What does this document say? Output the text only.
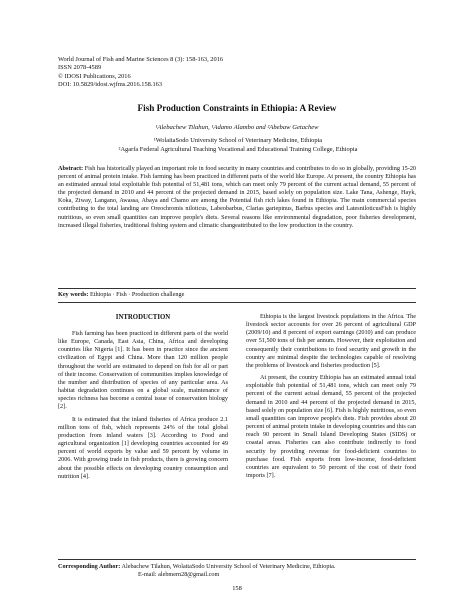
World Journal of Fish and Marine Sciences 8 (3): 158-163, 2016
ISSN 2078-4589
© IDOSI Publications, 2016
DOI: 10.5829/idosi.wjfms.2016.158.163
Fish Production Constraints in Ethiopia: A Review
¹Alebachew Tilahun, ¹Adamo Alambo and ²Abebaw Getachew
¹WolaitaSodo University School of Veterinary Medicine, Ethiopia
²Agarfa Federal Agricultural Teaching Vocational and Educational Training College, Ethiopia

Abstract: Fish has historically played an important role in food security in many countries and contributes to do so in globally, providing 15-20 percent of animal protein intake. Fish farming has been practiced in different parts of the world like Europe. At present, the country Ethiopia has an estimated annual total exploitable fish potential of 51,481 tons, which can meet only 79 percent of the current actual demand, 55 percent of the projected demand in 2010 and 44 percent of the projected demand in 2015, based solely on population size. Lake Tana, Ashenge, Hayk, Koka, Ziway, Langano, Awassa, Abaya and Chamo are among the Potential fish rich lakes found in Ethiopia. The main commercial species contributing to the total landing are Oreochromis niloticus, Labeobarbus, Clarias gariepinus, Barbus species and LatesniloticusFish is highly nutritious, so even small quantities can improve people's diets. Several reasons like environmental degradation, poor fisheries development, increased illegal fisheries, traditional fishing system and climatic changeattributed to the low production in the country.

Key words: Ethiopia · Fish · Production challenge
INTRODUCTION

Fish farming has been practiced in different parts of the world like Europe, Canada, East Asia, China, Africa and developing countries like Nigeria [1]. It has been in practice since the ancient civilization of Egypt and China. More than 120 million people throughout the world are estimated to depend on fish for all or part of their income. Conservation of communities implies knowledge of the number and distribution of species of any particular area. As habitat degradation continues on a global scale, maintenance of species richness has become a central issue of conservation biology [2].

It is estimated that the inland fisheries of Africa produce 2.1 million tons of fish, which represents 24% of the total global production from inland waters [3]. According to Food and agricultural organization [1] developing countries accounted for 49 percent of world exports by value and 59 percent by volume in 2006. With growing trade in fish products, there is growing concern about the possible effects on developing country consumption and nutrition [4].

Ethiopia is the largest livestock populations in the Africa. The livestock sector accounts for over 26 percent of agricultural GDP (2009/10) and 8 percent of export earnings (2010) and can produce over 51,500 tons of fish per annum. However, their exploitation and consequently their contributions to food security and growth in the country are minimal despite the technologies capable of resolving the problems of livestock and fisheries production [5].

At present, the country Ethiopia has an estimated annual total exploitable fish potential of 51,481 tons, which can meet only 79 percent of the current actual demand, 55 percent of the projected demand in 2010 and 44 percent of the projected demand in 2015, based solely on population size [6]. Fish is highly nutritious, so even small quantities can improve people's diets. Fish provides about 20 percent of animal protein intake in developing countries and this can reach 90 percent in Small Island Developing States (SIDS) or coastal areas. Fisheries can also contribute indirectly to food security by providing revenue for food-deficient countries to purchase food. Fish exports from low-income, food-deficient countries are equivalent to 50 percent of the cost of their food imports [7].

Corresponding Author: Alebachew Tilahun, WolaitaSodo University School of Veterinary Medicine, Ethiopia.
E-mail: alebmern28@gmail.com
158
